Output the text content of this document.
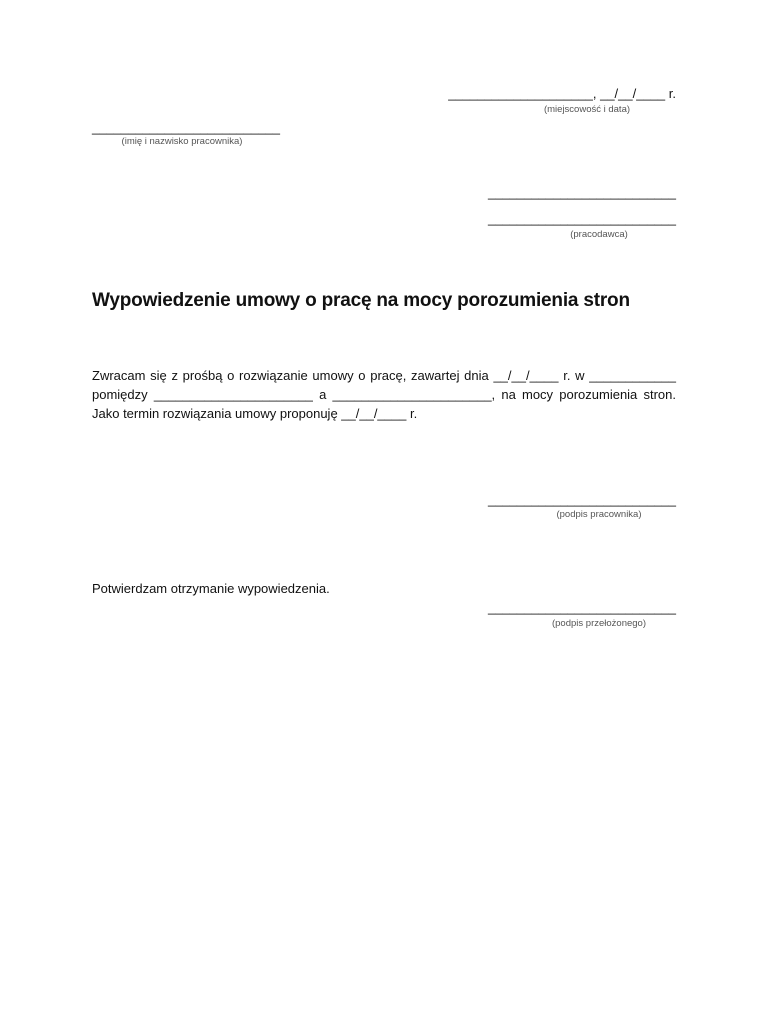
____________________, __/__/____ r.
(miejscowość i data)
__________________________
(imię i nazwisko pracownika)
__________________________
__________________________
(pracodawca)
Wypowiedzenie umowy o pracę na mocy porozumienia stron
Zwracam się z prośbą o rozwiązanie umowy o pracę, zawartej dnia __/__/____ r. w ____________ pomiędzy ______________________ a ______________________, na mocy porozumienia stron. Jako termin rozwiązania umowy proponuję __/__/____ r.
__________________________
(podpis pracownika)
Potwierdzam otrzymanie wypowiedzenia.
__________________________
(podpis przełożonego)
